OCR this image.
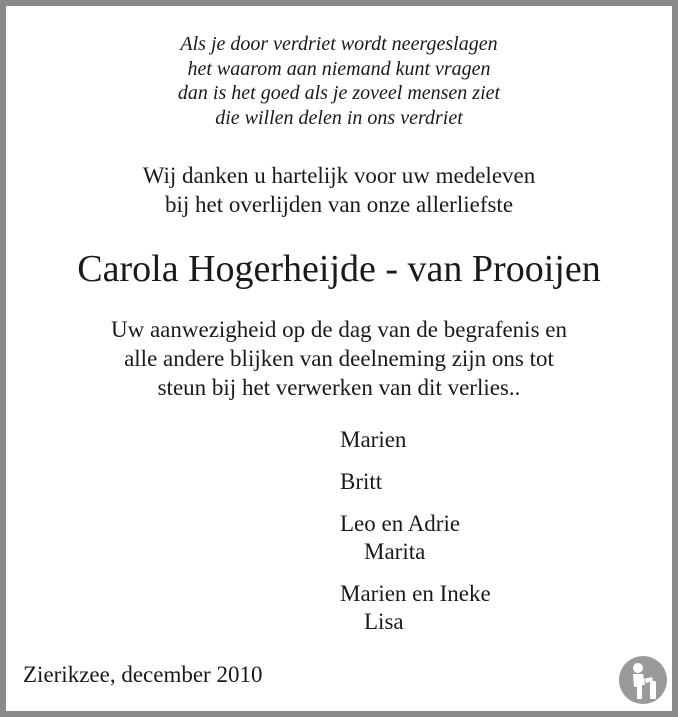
Als je door verdriet wordt neergeslagen
het waarom aan niemand kunt vragen
dan is het goed als je zoveel mensen ziet
die willen delen in ons verdriet
Wij danken u hartelijk voor uw medeleven
bij het overlijden van onze allerliefste
Carola Hogerheijde - van Prooijen
Uw aanwezigheid op de dag van de begrafenis en
alle andere blijken van deelneming zijn ons tot
steun bij het verwerken van dit verlies..
Marien
Britt
Leo en Adrie
Marita
Marien en Ineke
Lisa
Zierikzee, december 2010
